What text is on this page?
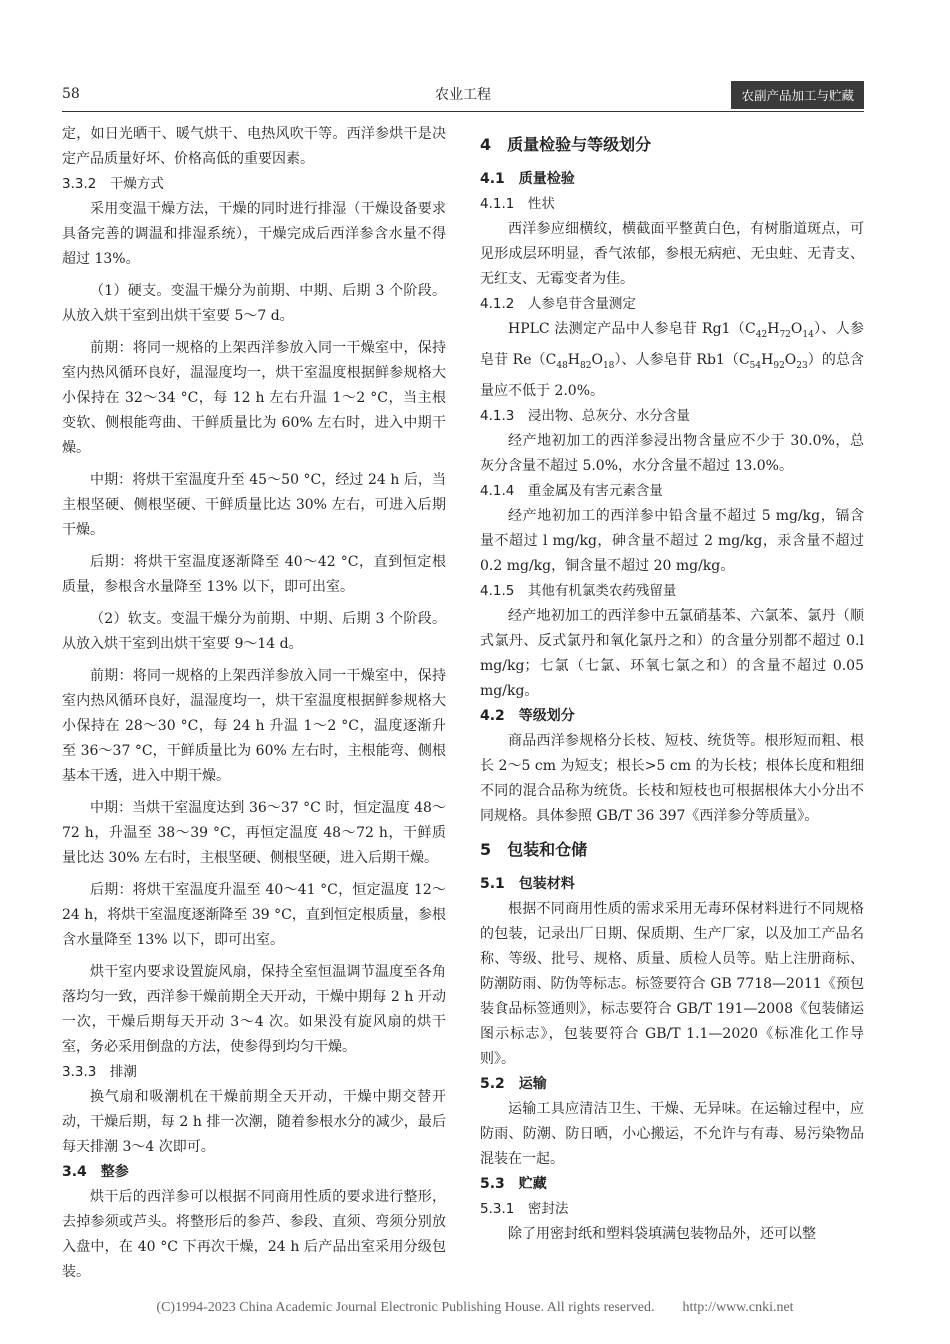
58	农业工程	农副产品加工与贮藏

定，如日光晒干、暖气烘干、电热风吹干等。西洋参烘干是决定产品质量好坏、价格高低的重要因素。

3.3.2　干燥方式

采用变温干燥方法，干燥的同时进行排湿（干燥设备要求具备完善的调温和排湿系统），干燥完成后西洋参含水量不得超过 13%。

（1）硬支。变温干燥分为前期、中期、后期 3 个阶段。从放入烘干室到出烘干室要 5～7 d。

前期：将同一规格的上架西洋参放入同一干燥室中，保持室内热风循环良好，温湿度均一，烘干室温度根据鲜参规格大小保持在 32～34 °C，每 12 h 左右升温 1～2 °C，当主根变软、侧根能弯曲、干鲜质量比为 60% 左右时，进入中期干燥。

中期：将烘干室温度升至 45～50 °C，经过 24 h 后，当主根坚硬、侧根坚硬、干鲜质量比达 30% 左右，可进入后期干燥。

后期：将烘干室温度逐渐降至 40～42 °C，直到恒定根质量，参根含水量降至 13% 以下，即可出室。

（2）软支。变温干燥分为前期、中期、后期 3 个阶段。从放入烘干室到出烘干室要 9～14 d。

前期：将同一规格的上架西洋参放入同一干燥室中，保持室内热风循环良好，温湿度均一，烘干室温度根据鲜参规格大小保持在 28～30 °C，每 24 h 升温 1～2 °C，温度逐渐升至 36～37 °C，干鲜质量比为 60% 左右时，主根能弯、侧根基本干透，进入中期干燥。

中期：当烘干室温度达到 36～37 °C 时，恒定温度 48～72 h，升温至 38～39 °C，再恒定温度 48～72 h，干鲜质量比达 30% 左右时，主根坚硬、侧根坚硬，进入后期干燥。

后期：将烘干室温度升温至 40～41 °C，恒定温度 12～24 h，将烘干室温度逐渐降至 39 °C，直到恒定根质量，参根含水量降至 13% 以下，即可出室。

烘干室内要求设置旋风扇，保持全室恒温调节温度至各角落均匀一致，西洋参干燥前期全天开动，干燥中期每 2 h 开动一次，干燥后期每天开动 3～4 次。如果没有旋风扇的烘干室，务必采用倒盘的方法，使参得到均匀干燥。

3.3.3　排潮

换气扇和吸潮机在干燥前期全天开动，干燥中期交替开动，干燥后期，每 2 h 排一次潮，随着参根水分的减少，最后每天排潮 3～4 次即可。

3.4　整参

烘干后的西洋参可以根据不同商用性质的要求进行整形，去掉参须或芦头。将整形后的参芦、参段、直须、弯须分别放入盘中，在 40 °C 下再次干燥，24 h 后产品出室采用分级包装。

4　质量检验与等级划分
4.1　质量检验
4.1.1　性状

西洋参应细横纹，横截面平整黄白色，有树脂道斑点，可见形成层环明显，香气浓郁，参根无病疤、无虫蛀、无青支、无红支、无霉变者为佳。

4.1.2　人参皂苷含量测定

HPLC 法测定产品中人参皂苷 $Rg1(C_{42}H_{72}O_{14})$、人参皂苷 $Re(C_{48}H_{82}O_{18})$、人参皂苷 $Rb1(C_{54}H_{92}O_{23})$的总含量应不低于 2.0%。

4.1.3　浸出物、总灰分、水分含量

经产地初加工的西洋参浸出物含量应不少于 30.0%，总灰分含量不超过 5.0%，水分含量不超过 13.0%。

4.1.4　重金属及有害元素含量

经产地初加工的西洋参中铅含量不超过 5 mg/kg，镉含量不超过 l mg/kg，砷含量不超过 2 mg/kg，汞含量不超过 0.2 mg/kg，铜含量不超过 20 mg/kg。

4.1.5　其他有机氯类农药残留量

经产地初加工的西洋参中五氯硝基苯、六氯苯、氯丹（顺式氯丹、反式氯丹和氧化氯丹之和）的含量分别都不超过 0.l mg/kg；七氯（七氯、环氧七氯之和）的含量不超过 0.05 mg/kg。

4.2　等级划分

商品西洋参规格分长枝、短枝、统货等。根形短而粗、根长 2～5 cm 为短支；根长>5 cm 的为长枝；根体长度和粗细不同的混合品称为统货。长枝和短枝也可根据根体大小分出不同规格。具体参照 GB/T 36 397《西洋参分等质量》。

5　包装和仓储
5.1　包装材料

根据不同商用性质的需求采用无毒环保材料进行不同规格的包装，记录出厂日期、保质期、生产厂家，以及加工产品名称、等级、批号、规格、质量、质检人员等。贴上注册商标、防潮防雨、防伪等标志。标签要符合 GB 7718—2011《预包装食品标签通则》，标志要符合 GB/T 191—2008《包装储运图示标志》，包装要符合 GB/T 1.1—2020《标准化工作导则》。

5.2　运输

运输工具应清洁卫生、干燥、无异味。在运输过程中，应防雨、防潮、防日晒，小心搬运，不允许与有毒、易污染物品混装在一起。

5.3　贮藏
5.3.1　密封法

除了用密封纸和塑料袋填满包装物品外，还可以整

(C)1994-2023 China Academic Journal Electronic Publishing House. All rights reserved.　　http://www.cnki.net
